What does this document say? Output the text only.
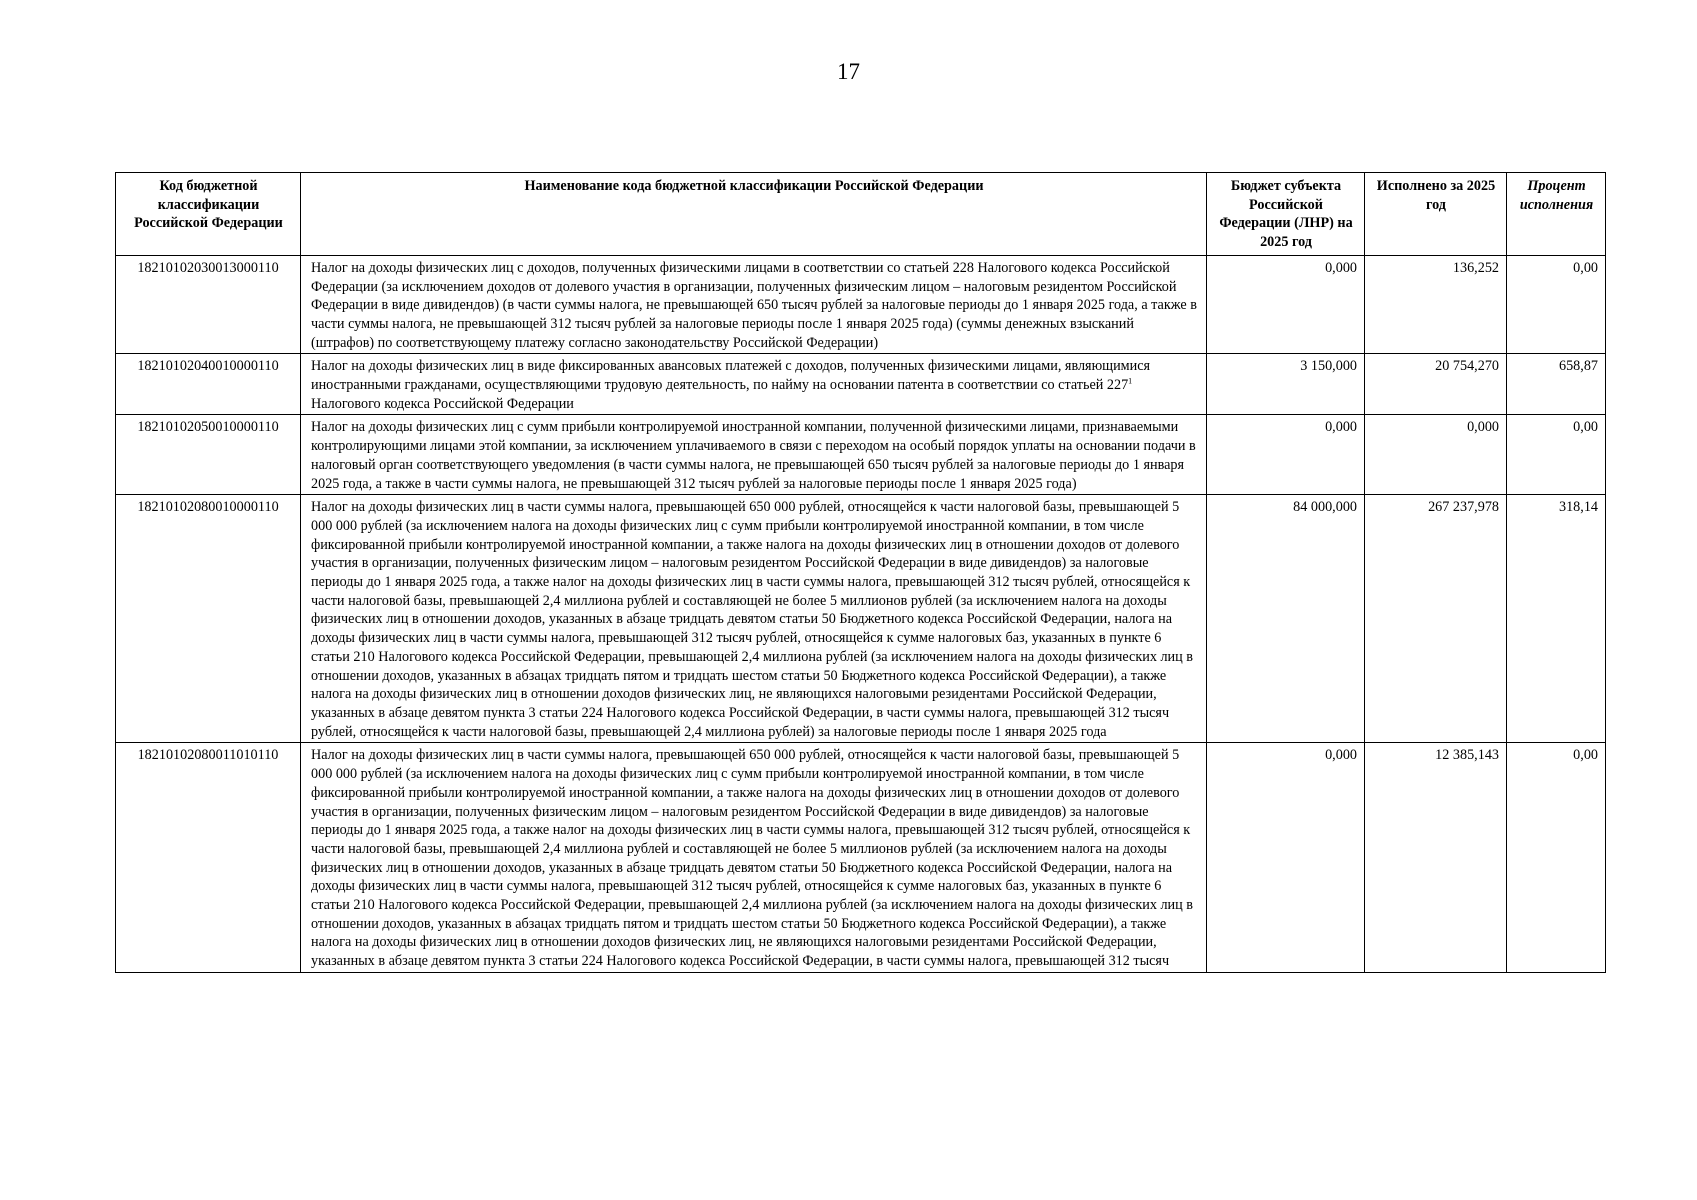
17
Код бюджетной классификации Российской Федерации	Наименование кода бюджетной классификации Российской Федерации	Бюджет субъекта Российской Федерации (ЛНР) на 2025 год	Исполнено за 2025 год	Процент исполнения
18210102030013000110	Налог на доходы физических лиц с доходов, полученных физическими лицами в соответствии со статьей 228 Налогового кодекса Российской Федерации (за исключением доходов от долевого участия в организации, полученных физическим лицом – налоговым резидентом Российской Федерации в виде дивидендов) (в части суммы налога, не превышающей 650 тысяч рублей за налоговые периоды до 1 января 2025 года, а также в части суммы налога, не превышающей 312 тысяч рублей за налоговые периоды после 1 января 2025 года) (суммы денежных взысканий (штрафов) по соответствующему платежу согласно законодательству Российской Федерации)	0,000	136,252	0,00
18210102040010000110	Налог на доходы физических лиц в виде фиксированных авансовых платежей с доходов, полученных физическими лицами, являющимися иностранными гражданами, осуществляющими трудовую деятельность, по найму на основании патента в соответствии со статьей $227^1$ Налогового кодекса Российской Федерации	3 150,000	20 754,270	658,87
18210102050010000110	Налог на доходы физических лиц с сумм прибыли контролируемой иностранной компании, полученной физическими лицами, признаваемыми контролирующими лицами этой компании, за исключением уплачиваемого в связи с переходом на особый порядок уплаты на основании подачи в налоговый орган соответствующего уведомления (в части суммы налога, не превышающей 650 тысяч рублей за налоговые периоды до 1 января 2025 года, а также в части суммы налога, не превышающей 312 тысяч рублей за налоговые периоды после 1 января 2025 года)	0,000	0,000	0,00
18210102080010000110	Налог на доходы физических лиц в части суммы налога, превышающей 650 000 рублей, относящейся к части налоговой базы, превышающей 5 000 000 рублей (за исключением налога на доходы физических лиц с сумм прибыли контролируемой иностранной компании, в том числе фиксированной прибыли контролируемой иностранной компании, а также налога на доходы физических лиц в отношении доходов от долевого участия в организации, полученных физическим лицом – налоговым резидентом Российской Федерации в виде дивидендов) за налоговые периоды до 1 января 2025 года, а также налог на доходы физических лиц в части суммы налога, превышающей 312 тысяч рублей, относящейся к части налоговой базы, превышающей 2,4 миллиона рублей и составляющей не более 5 миллионов рублей (за исключением налога на доходы физических лиц в отношении доходов, указанных в абзаце тридцать девятом статьи 50 Бюджетного кодекса Российской Федерации, налога на доходы физических лиц в части суммы налога, превышающей 312 тысяч рублей, относящейся к сумме налоговых баз, указанных в пункте 6 статьи 210 Налогового кодекса Российской Федерации, превышающей 2,4 миллиона рублей (за исключением налога на доходы физических лиц в отношении доходов, указанных в абзацах тридцать пятом и тридцать шестом статьи 50 Бюджетного кодекса Российской Федерации), а также налога на доходы физических лиц в отношении доходов физических лиц, не являющихся налоговыми резидентами Российской Федерации, указанных в абзаце девятом пункта 3 статьи 224 Налогового кодекса Российской Федерации, в части суммы налога, превышающей 312 тысяч рублей, относящейся к части налоговой базы, превышающей 2,4 миллиона рублей) за налоговые периоды после 1 января 2025 года	84 000,000	267 237,978	318,14
18210102080011010110	Налог на доходы физических лиц в части суммы налога, превышающей 650 000 рублей, относящейся к части налоговой базы, превышающей 5 000 000 рублей (за исключением налога на доходы физических лиц с сумм прибыли контролируемой иностранной компании, в том числе фиксированной прибыли контролируемой иностранной компании, а также налога на доходы физических лиц в отношении доходов от долевого участия в организации, полученных физическим лицом – налоговым резидентом Российской Федерации в виде дивидендов) за налоговые периоды до 1 января 2025 года, а также налог на доходы физических лиц в части суммы налога, превышающей 312 тысяч рублей, относящейся к части налоговой базы, превышающей 2,4 миллиона рублей и составляющей не более 5 миллионов рублей (за исключением налога на доходы физических лиц в отношении доходов, указанных в абзаце тридцать девятом статьи 50 Бюджетного кодекса Российской Федерации, налога на доходы физических лиц в части суммы налога, превышающей 312 тысяч рублей, относящейся к сумме налоговых баз, указанных в пункте 6 статьи 210 Налогового кодекса Российской Федерации, превышающей 2,4 миллиона рублей (за исключением налога на доходы физических лиц в отношении доходов, указанных в абзацах тридцать пятом и тридцать шестом статьи 50 Бюджетного кодекса Российской Федерации), а также налога на доходы физических лиц в отношении доходов физических лиц, не являющихся налоговыми резидентами Российской Федерации, указанных в абзаце девятом пункта 3 статьи 224 Налогового кодекса Российской Федерации, в части суммы налога, превышающей 312 тысяч	0,000	12 385,143	0,00
